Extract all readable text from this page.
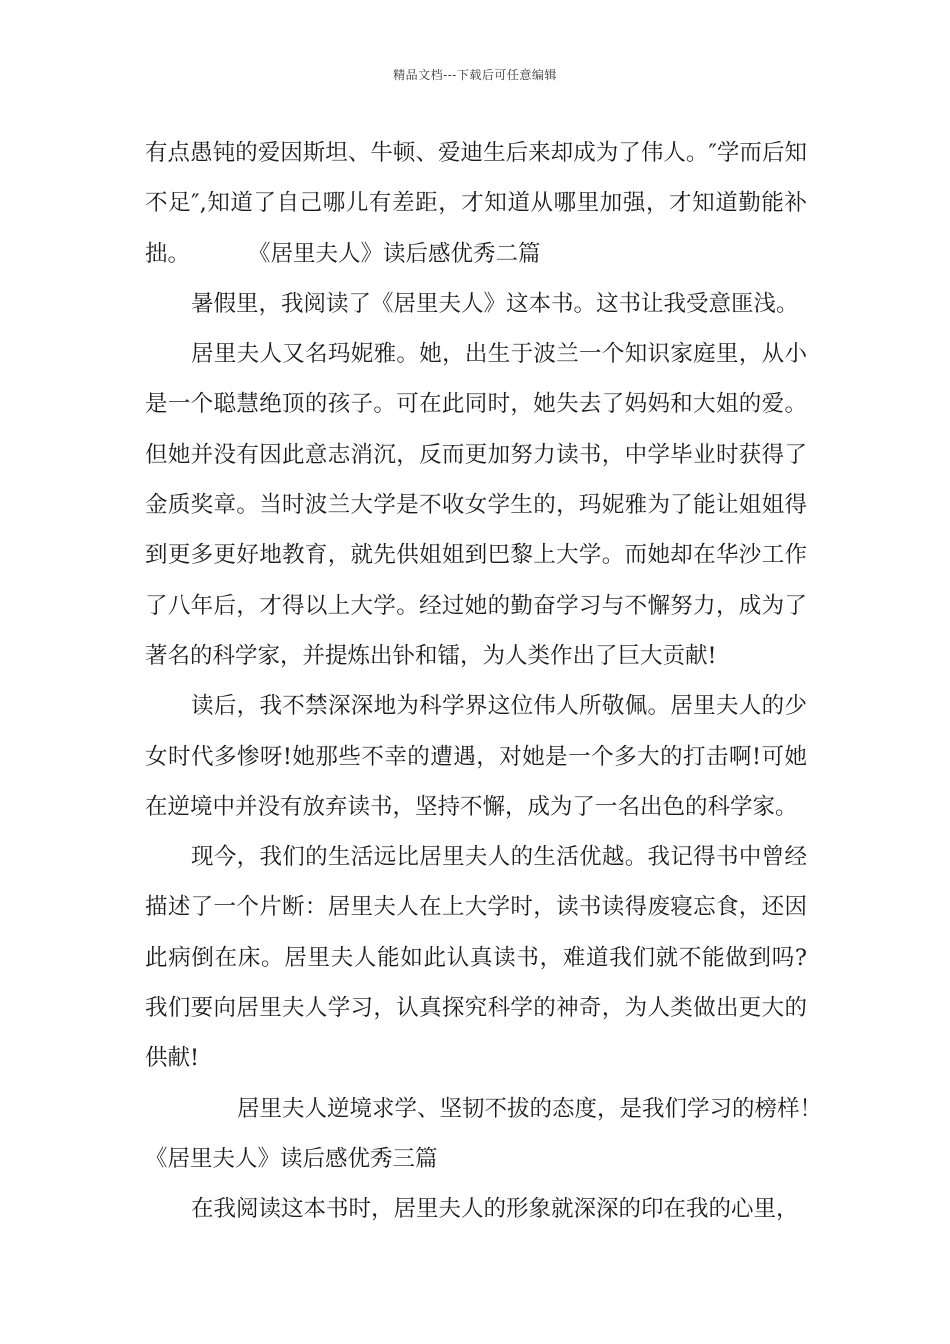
精品文档---下载后可任意编辑

有点愚钝的爱因斯坦、牛顿、爱迪生后来却成为了伟人。″学而后知不足″,知道了自己哪儿有差距，才知道从哪里加强，才知道勤能补拙。	《居里夫人》读后感优秀二篇

暑假里，我阅读了《居里夫人》这本书。这书让我受意匪浅。

居里夫人又名玛妮雅。她，出生于波兰一个知识家庭里，从小是一个聪慧绝顶的孩子。可在此同时，她失去了妈妈和大姐的爱。但她并没有因此意志消沉，反而更加努力读书，中学毕业时获得了金质奖章。当时波兰大学是不收女学生的，玛妮雅为了能让姐姐得到更多更好地教育，就先供姐姐到巴黎上大学。而她却在华沙工作了八年后，才得以上大学。经过她的勤奋学习与不懈努力，成为了著名的科学家，并提炼出钋和镭，为人类作出了巨大贡献!

读后，我不禁深深地为科学界这位伟人所敬佩。居里夫人的少女时代多惨呀!她那些不幸的遭遇，对她是一个多大的打击啊!可她在逆境中并没有放弃读书，坚持不懈，成为了一名出色的科学家。

现今，我们的生活远比居里夫人的生活优越。我记得书中曾经描述了一个片断：居里夫人在上大学时，读书读得废寝忘食，还因此病倒在床。居里夫人能如此认真读书，难道我们就不能做到吗?我们要向居里夫人学习，认真探究科学的神奇，为人类做出更大的供献!

居里夫人逆境求学、坚韧不拔的态度，是我们学习的榜样！
《居里夫人》读后感优秀三篇

在我阅读这本书时，居里夫人的形象就深深的印在我的心里，
